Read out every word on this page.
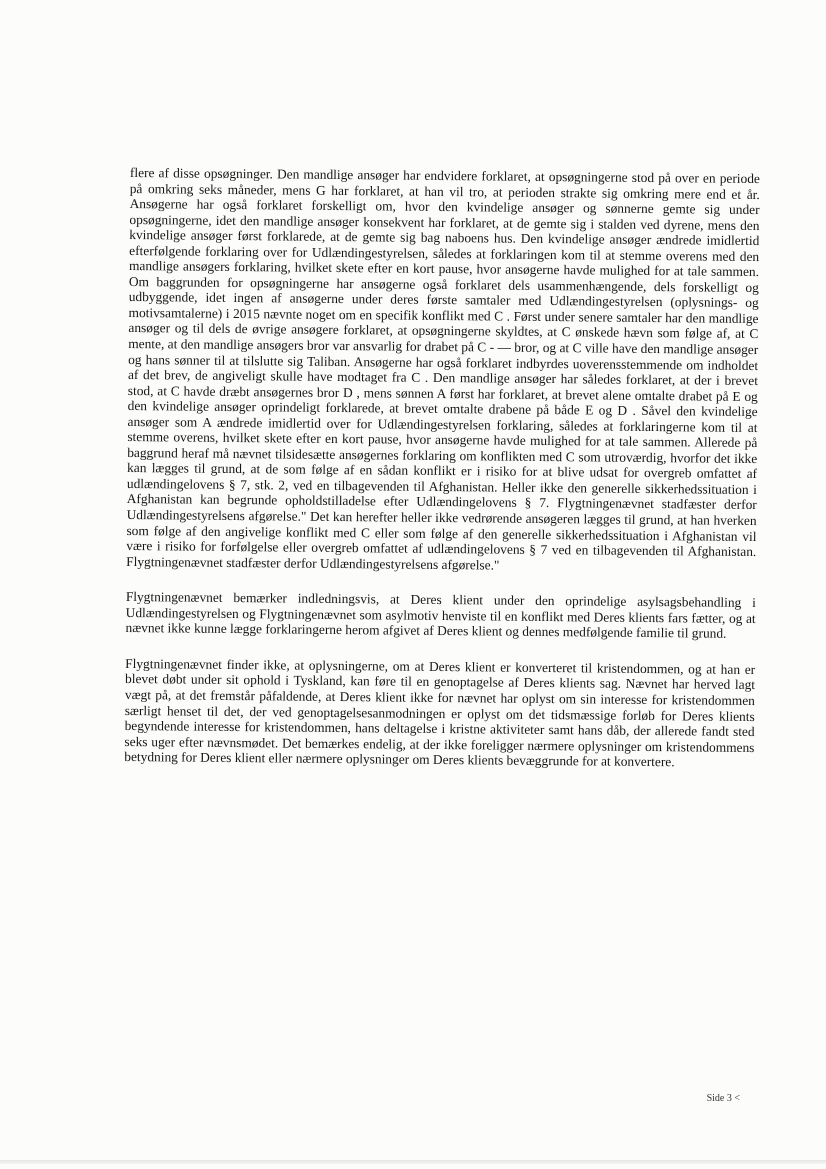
flere af disse opsøgninger. Den mandlige ansøger har endvidere forklaret, at opsøgningerne stod på over en periode på omkring seks måneder, mens G har forklaret, at han vil tro, at perioden strakte sig omkring mere end et år. Ansøgerne har også forklaret forskelligt om, hvor den kvindelige ansøger og sønnerne gemte sig under opsøgningerne, idet den mandlige ansøger konsekvent har forklaret, at de gemte sig i stalden ved dyrene, mens den kvindelige ansøger først forklarede, at de gemte sig bag naboens hus. Den kvindelige ansøger ændrede imidlertid efterfølgende forklaring over for Udlændingestyrelsen, således at forklaringen kom til at stemme overens med den mandlige ansøgers forklaring, hvilket skete efter en kort pause, hvor ansøgerne havde mulighed for at tale sammen. Om baggrunden for opsøgningerne har ansøgerne også forklaret dels usammenhængende, dels forskelligt og udbyggende, idet ingen af ansøgerne under deres første samtaler med Udlændingestyrelsen (oplysnings- og motivsamtalerne) i 2015 nævnte noget om en specifik konflikt med C . Først under senere samtaler har den mandlige ansøger og til dels de øvrige ansøgere forklaret, at opsøgningerne skyldtes, at C ønskede hævn som følge af, at C mente, at den mandlige ansøgers bror var ansvarlig for drabet på C - — bror, og at C ville have den mandlige ansøger og hans sønner til at tilslutte sig Taliban. Ansøgerne har også forklaret indbyrdes uoverensstemmende om indholdet af det brev, de angiveligt skulle have modtaget fra C . Den mandlige ansøger har således forklaret, at der i brevet stod, at C havde dræbt ansøgernes bror D , mens sønnen A først har forklaret, at brevet alene omtalte drabet på E og den kvindelige ansøger oprindeligt forklarede, at brevet omtalte drabene på både E og D . Såvel den kvindelige ansøger som A ændrede imidlertid over for Udlændingestyrelsen forklaring, således at forklaringerne kom til at stemme overens, hvilket skete efter en kort pause, hvor ansøgerne havde mulighed for at tale sammen. Allerede på baggrund heraf må nævnet tilsidesætte ansøgernes forklaring om konflikten med C som utroværdig, hvorfor det ikke kan lægges til grund, at de som følge af en sådan konflikt er i risiko for at blive udsat for overgreb omfattet af udlændingelovens § 7, stk. 2, ved en tilbagevenden til Afghanistan. Heller ikke den generelle sikkerhedssituation i Afghanistan kan begrunde opholdstilladelse efter Udlændingelovens § 7. Flygtningenævnet stadfæster derfor Udlændingestyrelsens afgørelse." Det kan herefter heller ikke vedrørende ansøgeren lægges til grund, at han hverken som følge af den angivelige konflikt med C eller som følge af den generelle sikkerhedssituation i Afghanistan vil være i risiko for forfølgelse eller overgreb omfattet af udlændingelovens § 7 ved en tilbagevenden til Afghanistan. Flygtningenævnet stadfæster derfor Udlændingestyrelsens afgørelse."

Flygtningenævnet bemærker indledningsvis, at Deres klient under den oprindelige asylsagsbehandling i Udlændingestyrelsen og Flygtningenævnet som asylmotiv henviste til en konflikt med Deres klients fars fætter, og at nævnet ikke kunne lægge forklaringerne herom afgivet af Deres klient og dennes medfølgende familie til grund.

Flygtningenævnet finder ikke, at oplysningerne, om at Deres klient er konverteret til kristendommen, og at han er blevet døbt under sit ophold i Tyskland, kan føre til en genoptagelse af Deres klients sag. Nævnet har herved lagt vægt på, at det fremstår påfaldende, at Deres klient ikke for nævnet har oplyst om sin interesse for kristendommen særligt henset til det, der ved genoptagelsesanmodningen er oplyst om det tidsmæssige forløb for Deres klients begyndende interesse for kristendommen, hans deltagelse i kristne aktiviteter samt hans dåb, der allerede fandt sted seks uger efter nævnsmødet. Det bemærkes endelig, at der ikke foreligger nærmere oplysninger om kristendommens betydning for Deres klient eller nærmere oplysninger om Deres klients bevæggrunde for at konvertere.

Side 3 <
